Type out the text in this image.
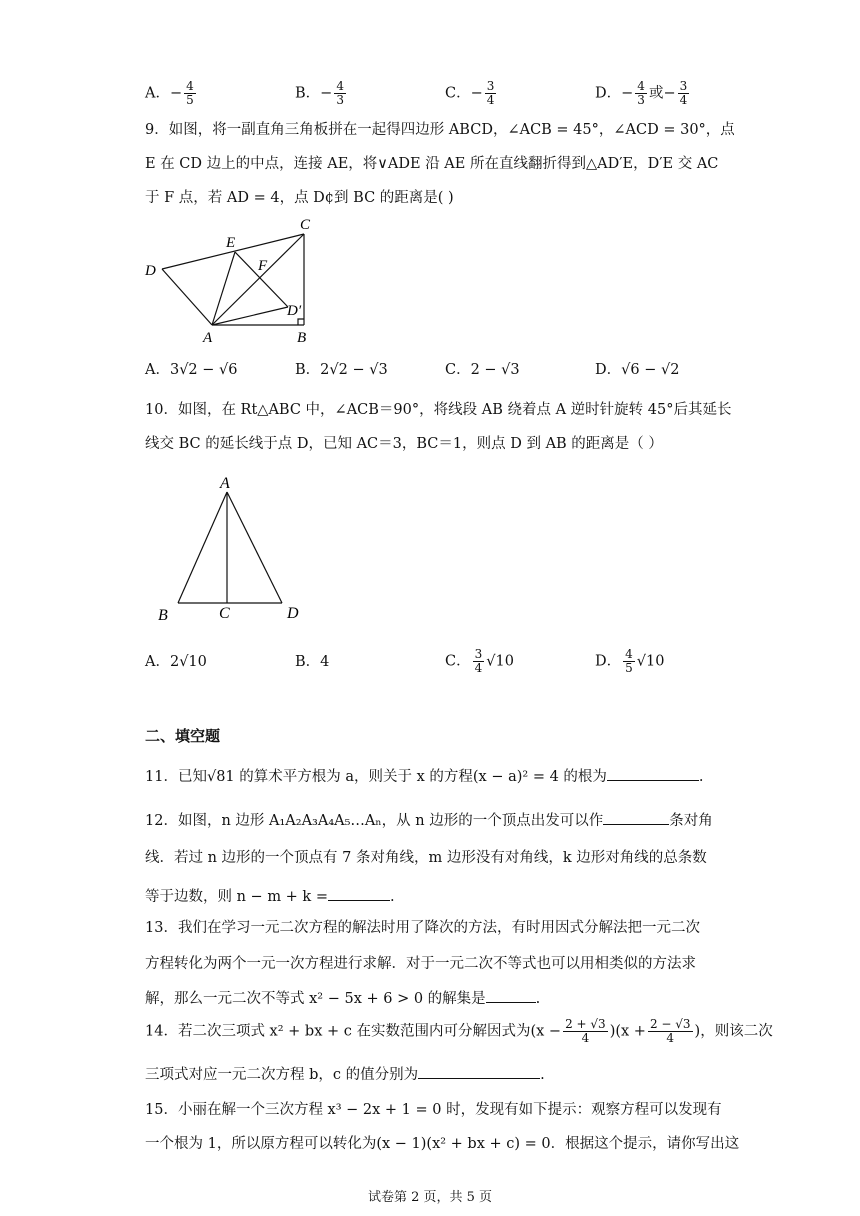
A．− $\frac{4}{5}$	B．− $\frac{4}{3}$	C．− $\frac{3}{4}$	D．− $\frac{4}{3}$ 或− $\frac{3}{4}$
9．如图，将一副直角三角板拼在一起得四边形 ABCD，∠ACB = 45°，∠ACD = 30°，点
E 在 CD 边上的中点，连接 AE，将∨ADE 沿 AE 所在直线翻折得到△AD′E，D′E 交 AC
于 F 点，若 AD = 4，点 D¢到 BC 的距离是( )
D
E
C
F
D′
A	B
A．3√2 − √6	B．2√2 − √3	C．2 − √3	D．√6 − √2
10．如图，在 Rt△ABC 中，∠ACB＝90°，将线段 AB 绕着点 A 逆时针旋转 45°后其延长
线交 BC 的延长线于点 D，已知 AC＝3，BC＝1，则点 D 到 AB 的距离是（ ）
A
B	C	D
A．2√10	B．4	C． $\frac{3}{4} √10$	D． $\frac{4}{5} √10$
二、填空题
11．已知√81 的算术平方根为 a，则关于 x 的方程(x − a)² = 4 的根为	.
12．如图，n 边形 A₁A₂A₃A₄A₅…Aₙ，从 n 边形的一个顶点出发可以作	条对角
线．若过 n 边形的一个顶点有 7 条对角线，m 边形没有对角线，k 边形对角线的总条数
等于边数，则 n − m + k =	.
13．我们在学习一元二次方程的解法时用了降次的方法，有时用因式分解法把一元二次
方程转化为两个一元一次方程进行求解．对于一元二次不等式也可以用相类似的方法求
解，那么一元二次不等式 x² − 5x + 6 > 0 的解集是	.
14．若二次三项式 x² + bx + c 在实数范围内可分解因式为$(x - \frac{2 + √3}{4} )(x + \frac{2 - √3}{4}$ )，则该二次
三项式对应一元二次方程 b，c 的值分别为	.
15．小丽在解一个三次方程 x³ − 2x + 1 = 0 时，发现有如下提示：观察方程可以发现有
一个根为 1，所以原方程可以转化为(x − 1)(x² + bx + c) = 0．根据这个提示，请你写出这
试卷第 2 页，共 5 页
